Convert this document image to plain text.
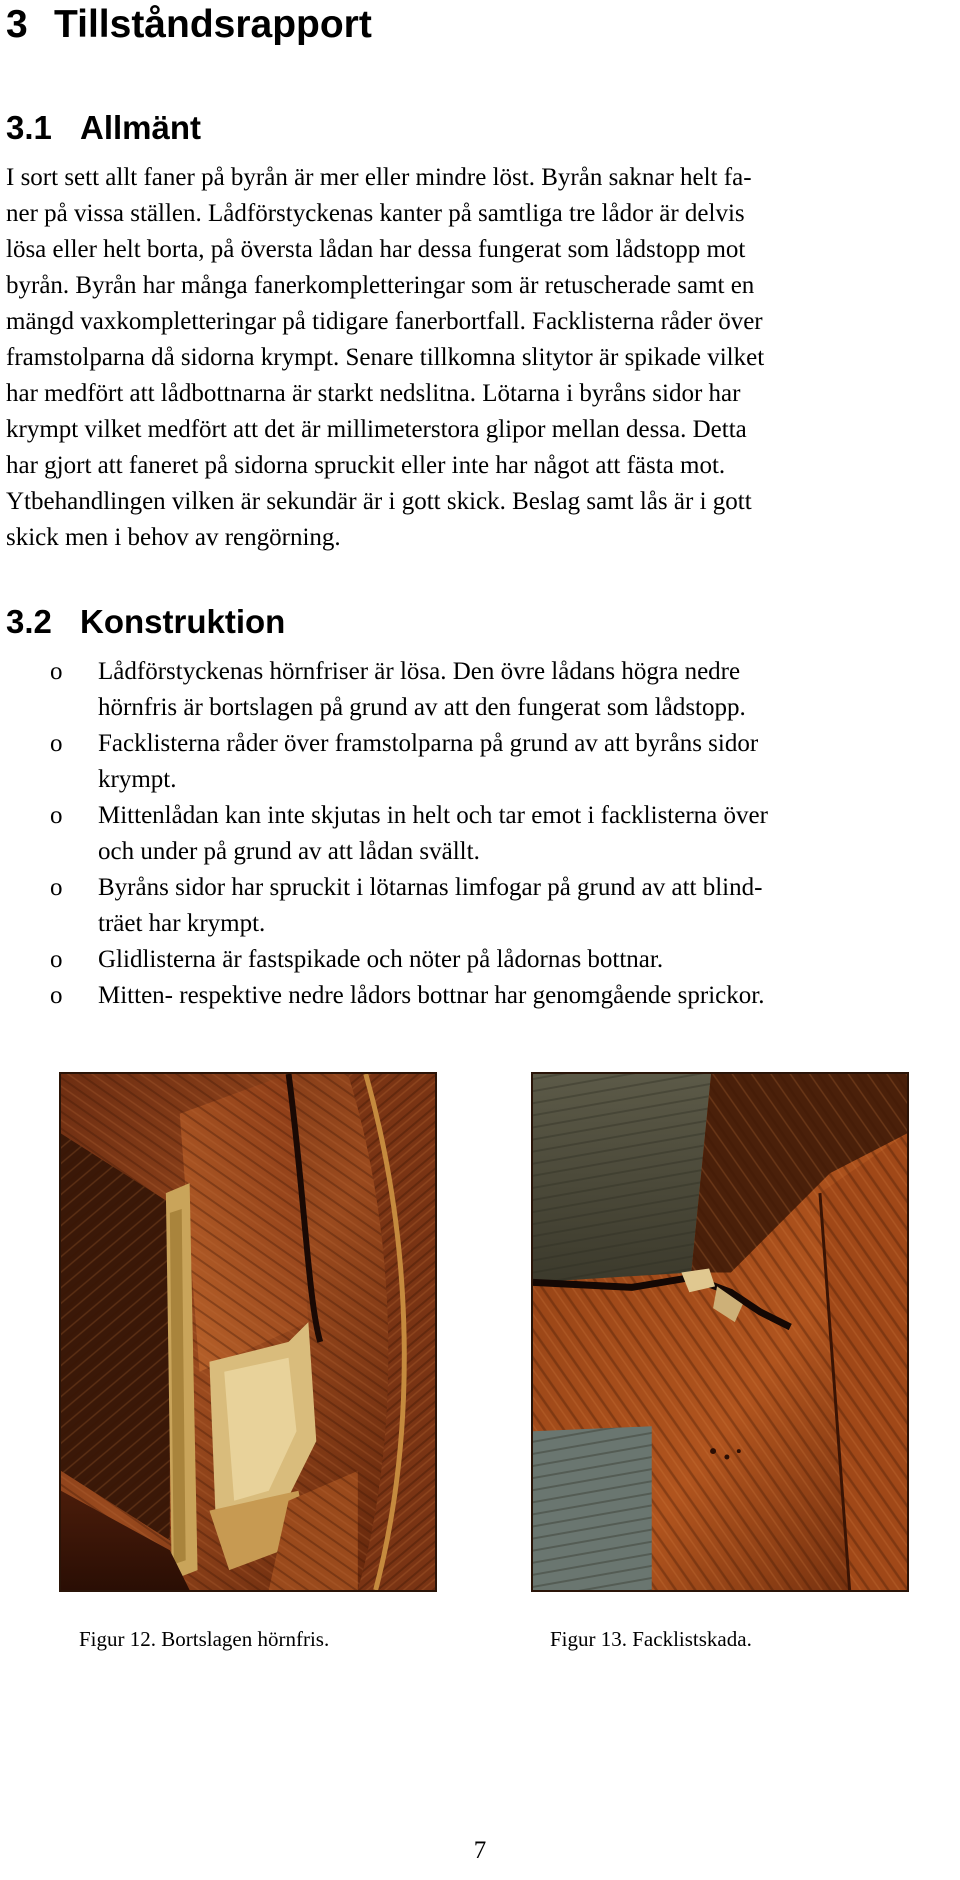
3 Tillståndsrapport
3.1 Allmänt

I sort sett allt faner på byrån är mer eller mindre löst. Byrån saknar helt fa-
ner på vissa ställen. Lådförstyckenas kanter på samtliga tre lådor är delvis
lösa eller helt borta, på översta lådan har dessa fungerat som lådstopp mot
byrån. Byrån har många fanerkompletteringar som är retuscherade samt en
mängd vaxkompletteringar på tidigare fanerbortfall. Facklisterna råder över
framstolparna då sidorna krympt. Senare tillkomna slitytor är spikade vilket
har medfört att lådbottnarna är starkt nedslitna. Lötarna i byråns sidor har
krympt vilket medfört att det är millimeterstora glipor mellan dessa. Detta
har gjort att faneret på sidorna spruckit eller inte har något att fästa mot.
Ytbehandlingen vilken är sekundär är i gott skick. Beslag samt lås är i gott
skick men i behov av rengörning.

3.2 Konstruktion
o Lådförstyckenas hörnfriser är lösa. Den övre lådans högra nedre
hörnfris är bortslagen på grund av att den fungerat som lådstopp.
o Facklisterna råder över framstolparna på grund av att byråns sidor
krympt.
o Mittenlådan kan inte skjutas in helt och tar emot i facklisterna över
och under på grund av att lådan svällt.
o Byråns sidor har spruckit i lötarnas limfogar på grund av att blind-
träet har krympt.
o Glidlisterna är fastspikade och nöter på lådornas bottnar.
o Mitten- respektive nedre lådors bottnar har genomgående sprickor.

Figur 12. Bortslagen hörnfris.	Figur 13. Facklistskada.

7
